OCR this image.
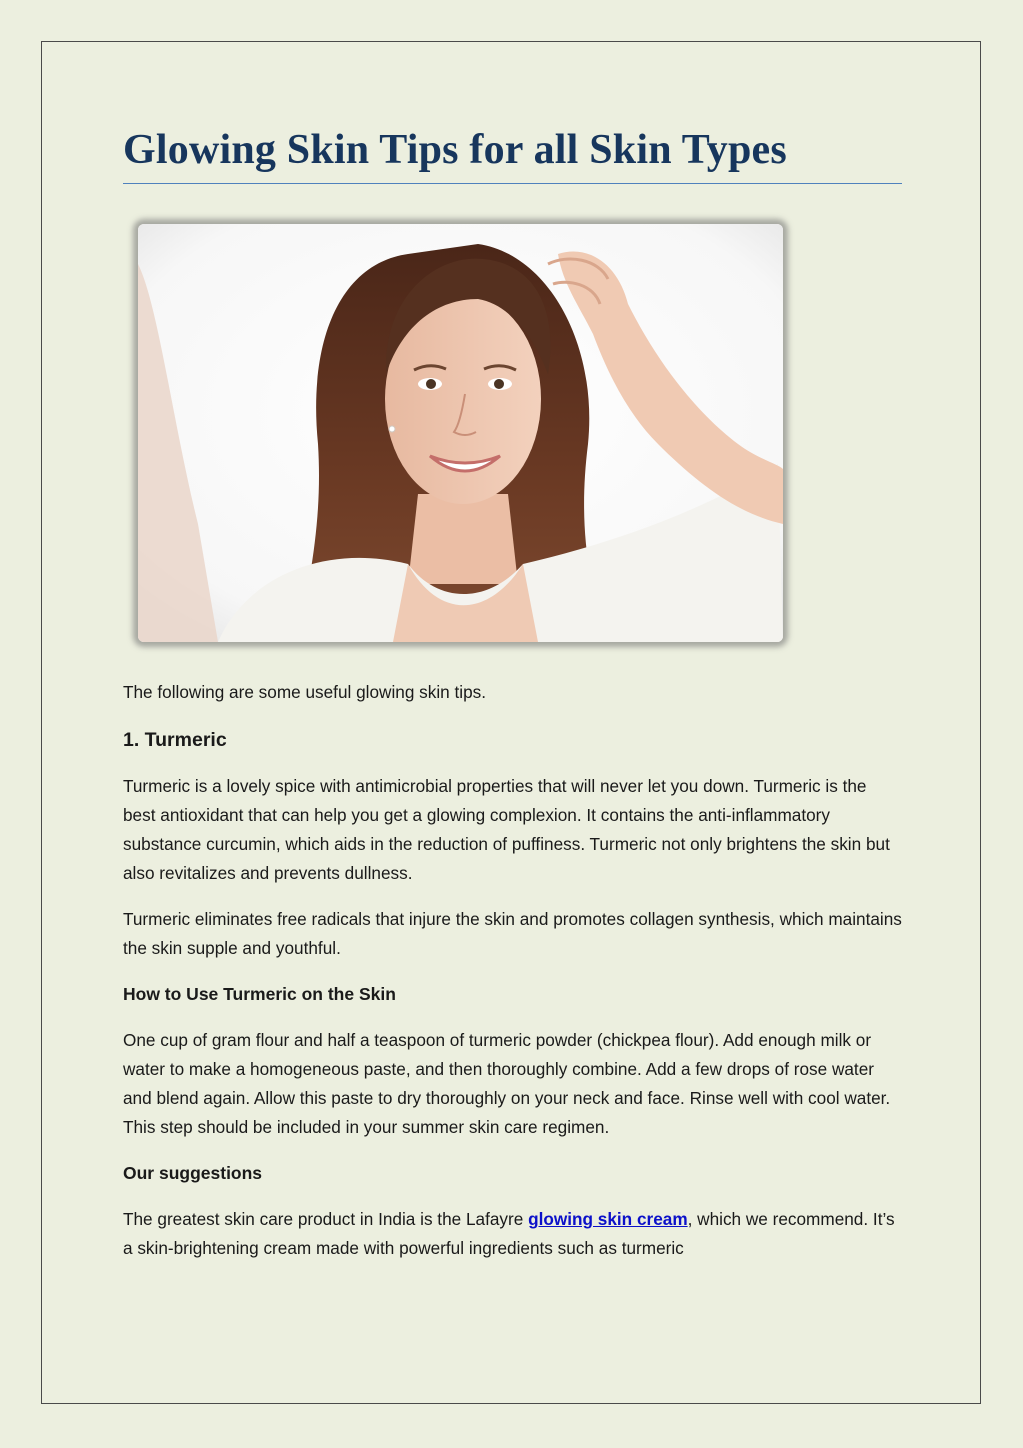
Glowing Skin Tips for all Skin Types

The following are some useful glowing skin tips.

1. Turmeric

Turmeric is a lovely spice with antimicrobial properties that will never let you down. Turmeric is the best antioxidant that can help you get a glowing complexion. It contains the anti-inflammatory substance curcumin, which aids in the reduction of puffiness. Turmeric not only brightens the skin but also revitalizes and prevents dullness.

Turmeric eliminates free radicals that injure the skin and promotes collagen synthesis, which maintains the skin supple and youthful.

How to Use Turmeric on the Skin

One cup of gram flour and half a teaspoon of turmeric powder (chickpea flour). Add enough milk or water to make a homogeneous paste, and then thoroughly combine. Add a few drops of rose water and blend again. Allow this paste to dry thoroughly on your neck and face. Rinse well with cool water. This step should be included in your summer skin care regimen.

Our suggestions

The greatest skin care product in India is the Lafayre glowing skin cream, which we recommend. It’s a skin-brightening cream made with powerful ingredients such as turmeric
